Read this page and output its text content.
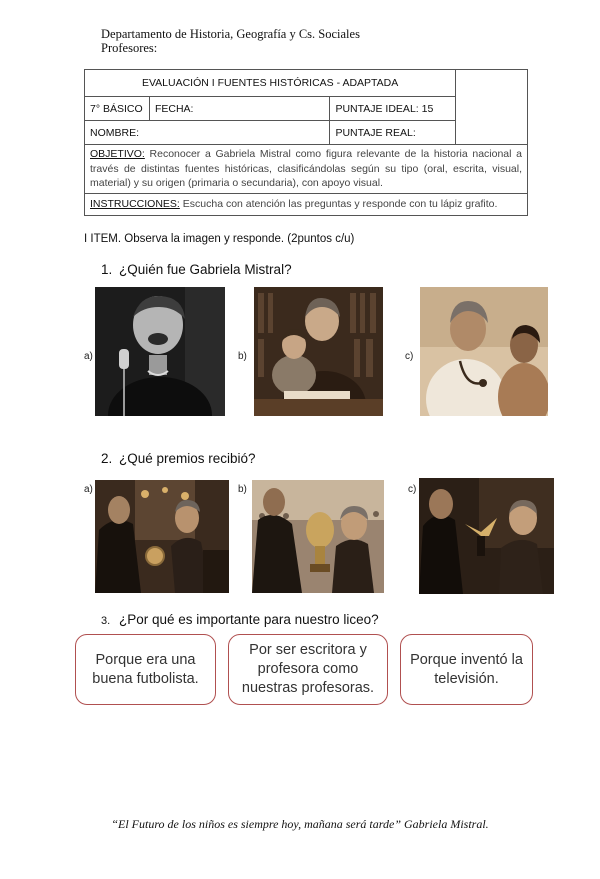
Departamento de Historia, Geografía y Cs. Sociales
Profesores:
EVALUACIÓN I FUENTES HISTÓRICAS - ADAPTADA			
7° BÁSICO	FECHA:	PUNTAJE IDEAL: 15	
NOMBRE:		PUNTAJE REAL:	
OBJETIVO: Reconocer a Gabriela Mistral como figura relevante de la historia nacional a través de distintas fuentes históricas, clasificándolas según su tipo (oral, escrita, visual, material) y su origen (primaria o secundaria), con apoyo visual.			
INSTRUCCIONES: Escucha con atención las preguntas y responde con tu lápiz grafito.			
I ITEM. Observa la imagen y responde. (2puntos c/u)
1. ¿Quién fue Gabriela Mistral?
a)	b)	c)
2. ¿Qué premios recibió?
a)	b)	c)
3. ¿Por qué es importante para nuestro liceo?
Porque era una buena futbolista.
Por ser escritora y profesora como nuestras profesoras.
Porque inventó la televisión.
“El Futuro de los niños es siempre hoy, mañana será tarde” Gabriela Mistral.
